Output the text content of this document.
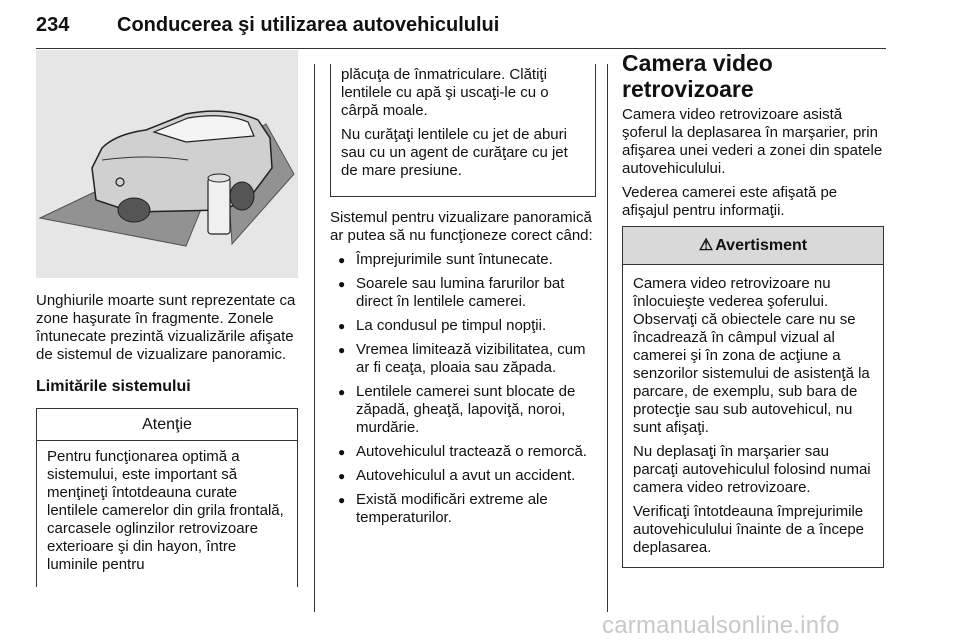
234 Conducerea şi utilizarea autovehiculului

Unghiurile moarte sunt reprezentate ca zone haşurate în fragmente. Zonele întunecate prezintă vizualizările afişate de sistemul de vizualizare panoramic.

Limitările sistemului

Atenţie

Pentru funcţionarea optimă a sistemului, este important să menţineţi întotdeauna curate lentilele camerelor din grila frontală, carcasele oglinzilor retrovizoare exterioare şi din hayon, între luminile pentru

plăcuţa de înmatriculare. Clătiţi lentilele cu apă şi uscaţi-le cu o cârpă moale.

Nu curăţaţi lentilele cu jet de aburi sau cu un agent de curăţare cu jet de mare presiune.

Sistemul pentru vizualizare panoramică ar putea să nu funcţioneze corect când:

● Împrejurimile sunt întunecate.
● Soarele sau lumina farurilor bat direct în lentilele camerei.
● La condusul pe timpul nopţii.
● Vremea limitează vizibilitatea, cum ar fi ceaţa, ploaia sau zăpada.
● Lentilele camerei sunt blocate de zăpadă, gheaţă, lapoviţă, noroi, murdărie.
● Autovehiculul tractează o remorcă.
● Autovehiculul a avut un accident.
● Există modificări extreme ale temperaturilor.

Camera video retrovizoare

Camera video retrovizoare asistă şoferul la deplasarea în marşarier, prin afişarea unei vederi a zonei din spatele autovehiculului.

Vederea camerei este afişată pe afişajul pentru informaţii.

⚠ Avertisment

Camera video retrovizoare nu înlocuieşte vederea şoferului. Observaţi că obiectele care nu se încadrează în câmpul vizual al camerei şi în zona de acţiune a senzorilor sistemului de asistenţă la parcare, de exemplu, sub bara de protecţie sau sub autovehicul, nu sunt afişaţi.

Nu deplasaţi în marşarier sau parcaţi autovehiculul folosind numai camera video retrovizoare.

Verificaţi întotdeauna împrejurimile autovehiculului înainte de a începe deplasarea.

carmanualsonline.info
